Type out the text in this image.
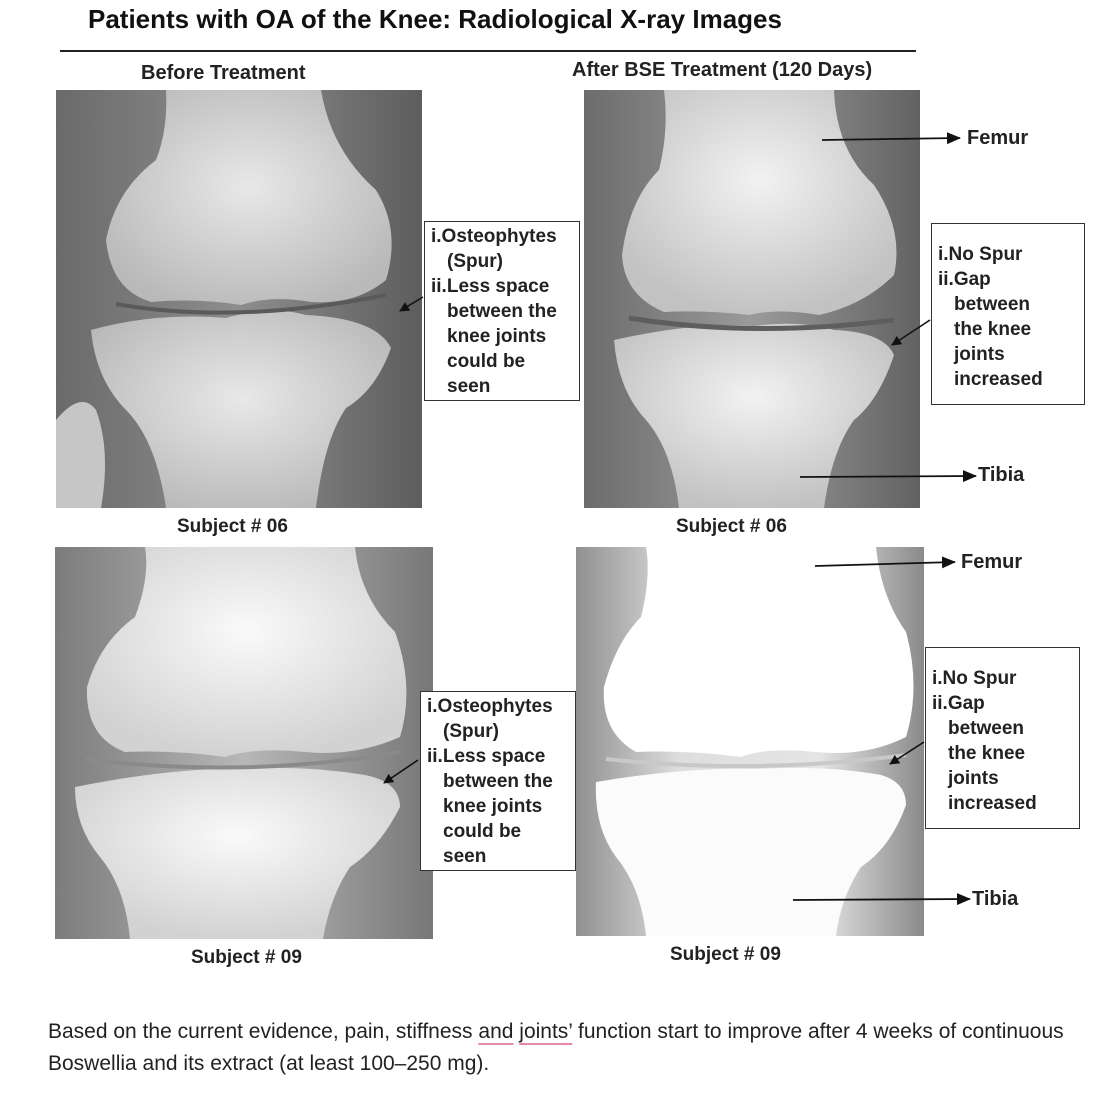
Patients with OA of the Knee: Radiological X-ray Images
Before Treatment	After BSE Treatment (120 Days)
Subject # 06	Subject # 06
Subject # 09	Subject # 09
i.Osteophytes
(Spur)
ii.Less space
between the
knee joints
could be
seen
i.Osteophytes
(Spur)
ii.Less space
between the
knee joints
could be
seen
i.No Spur
ii.Gap
between
the knee
joints
increased
i.No Spur
ii.Gap
between
the knee
joints
increased
Femur
Tibia
Femur
Tibia
Based on the current evidence, pain, stiffness and joints’ function start to improve after 4 weeks of continuous Boswellia and its extract (at least 100–250 mg).
